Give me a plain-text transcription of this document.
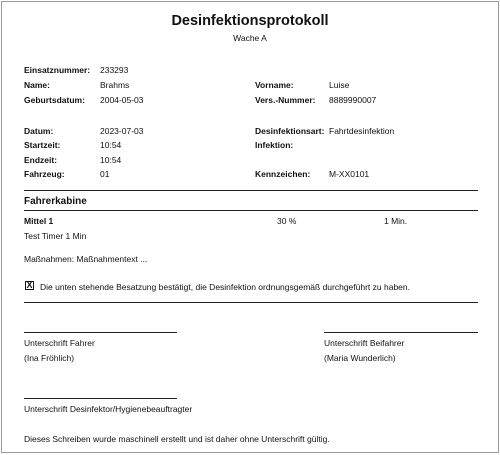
Desinfektionsprotokoll
Wache A
Einsatznummer: 233293
Name:	Brahms	Vorname:	Luise
Geburtsdatum: 2004-05-03	Vers.-Nummer: 8889990007
Datum:	2023-07-03	Desinfektionsart: Fahrtdesinfektion
Startzeit:	10:54	Infektion:
Endzeit:	10:54
Fahrzeug:	01	Kennzeichen: M-XX0101
Fahrerkabine
Mittel 1	30 %	1 Min.
Test Timer 1 Min
Maßnahmen: Maßnahmentext ...
X Die unten stehende Besatzung bestätigt, die Desinfektion ordnungsgemäß durchgeführt zu haben.
Unterschrift Fahrer
(Ina Fröhlich)
Unterschrift Beifahrer
(Maria Wunderlich)
Unterschrift Desinfektor/Hygienebeauftragter
Dieses Schreiben wurde maschinell erstellt und ist daher ohne Unterschrift gültig.
